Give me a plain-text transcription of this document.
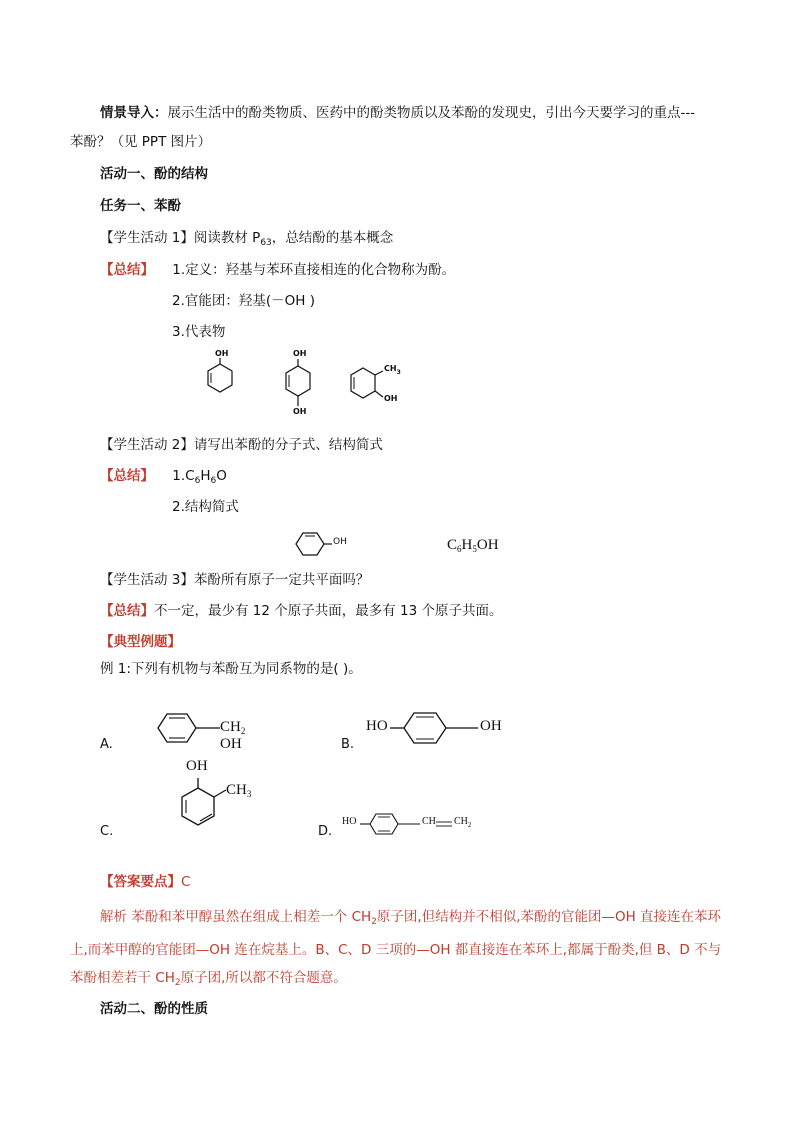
情景导入：展示生活中的酚类物质、医药中的酚类物质以及苯酚的发现史，引出今天要学习的重点---
苯酚？（见 PPT 图片）
活动一、酚的结构
任务一、苯酚
【学生活动 1】阅读教材 $P_{63}$，总结酚的基本概念
【总结】 1.定义：羟基与苯环直接相连的化合物称为酚。
2.官能团：羟基(－OH )
3.代表物
OH	OH
OH
$CH_3$
OH
【学生活动 2】请写出苯酚的分子式、结构简式
【总结】 $1.C_6H_6O$
2.结构简式
OH	$C_6H_5OH$
【学生活动 3】苯酚所有原子一定共平面吗？
【总结】不一定，最少有 12 个原子共面，最多有 13 个原子共面。
【典型例题】
例 1:下列有机物与苯酚互为同系物的是( )。
A.
$CH_2$ OH	B.
HO	OH
C.
OH
$CH_3$
D.
HO	CH $CH_2$
【答案要点】C
解析 苯酚和苯甲醇虽然在组成上相差一个 $CH_2$原子团,但结构并不相似,苯酚的官能团—OH 直接连在苯环上,而苯甲醇的官能团—OH 连在烷基上。B、C、D 三项的—OH 都直接连在苯环上,都属于酚类,但 B、D 不与苯酚相差若干 $CH_2$原子团,所以都不符合题意。
活动二、酚的性质
